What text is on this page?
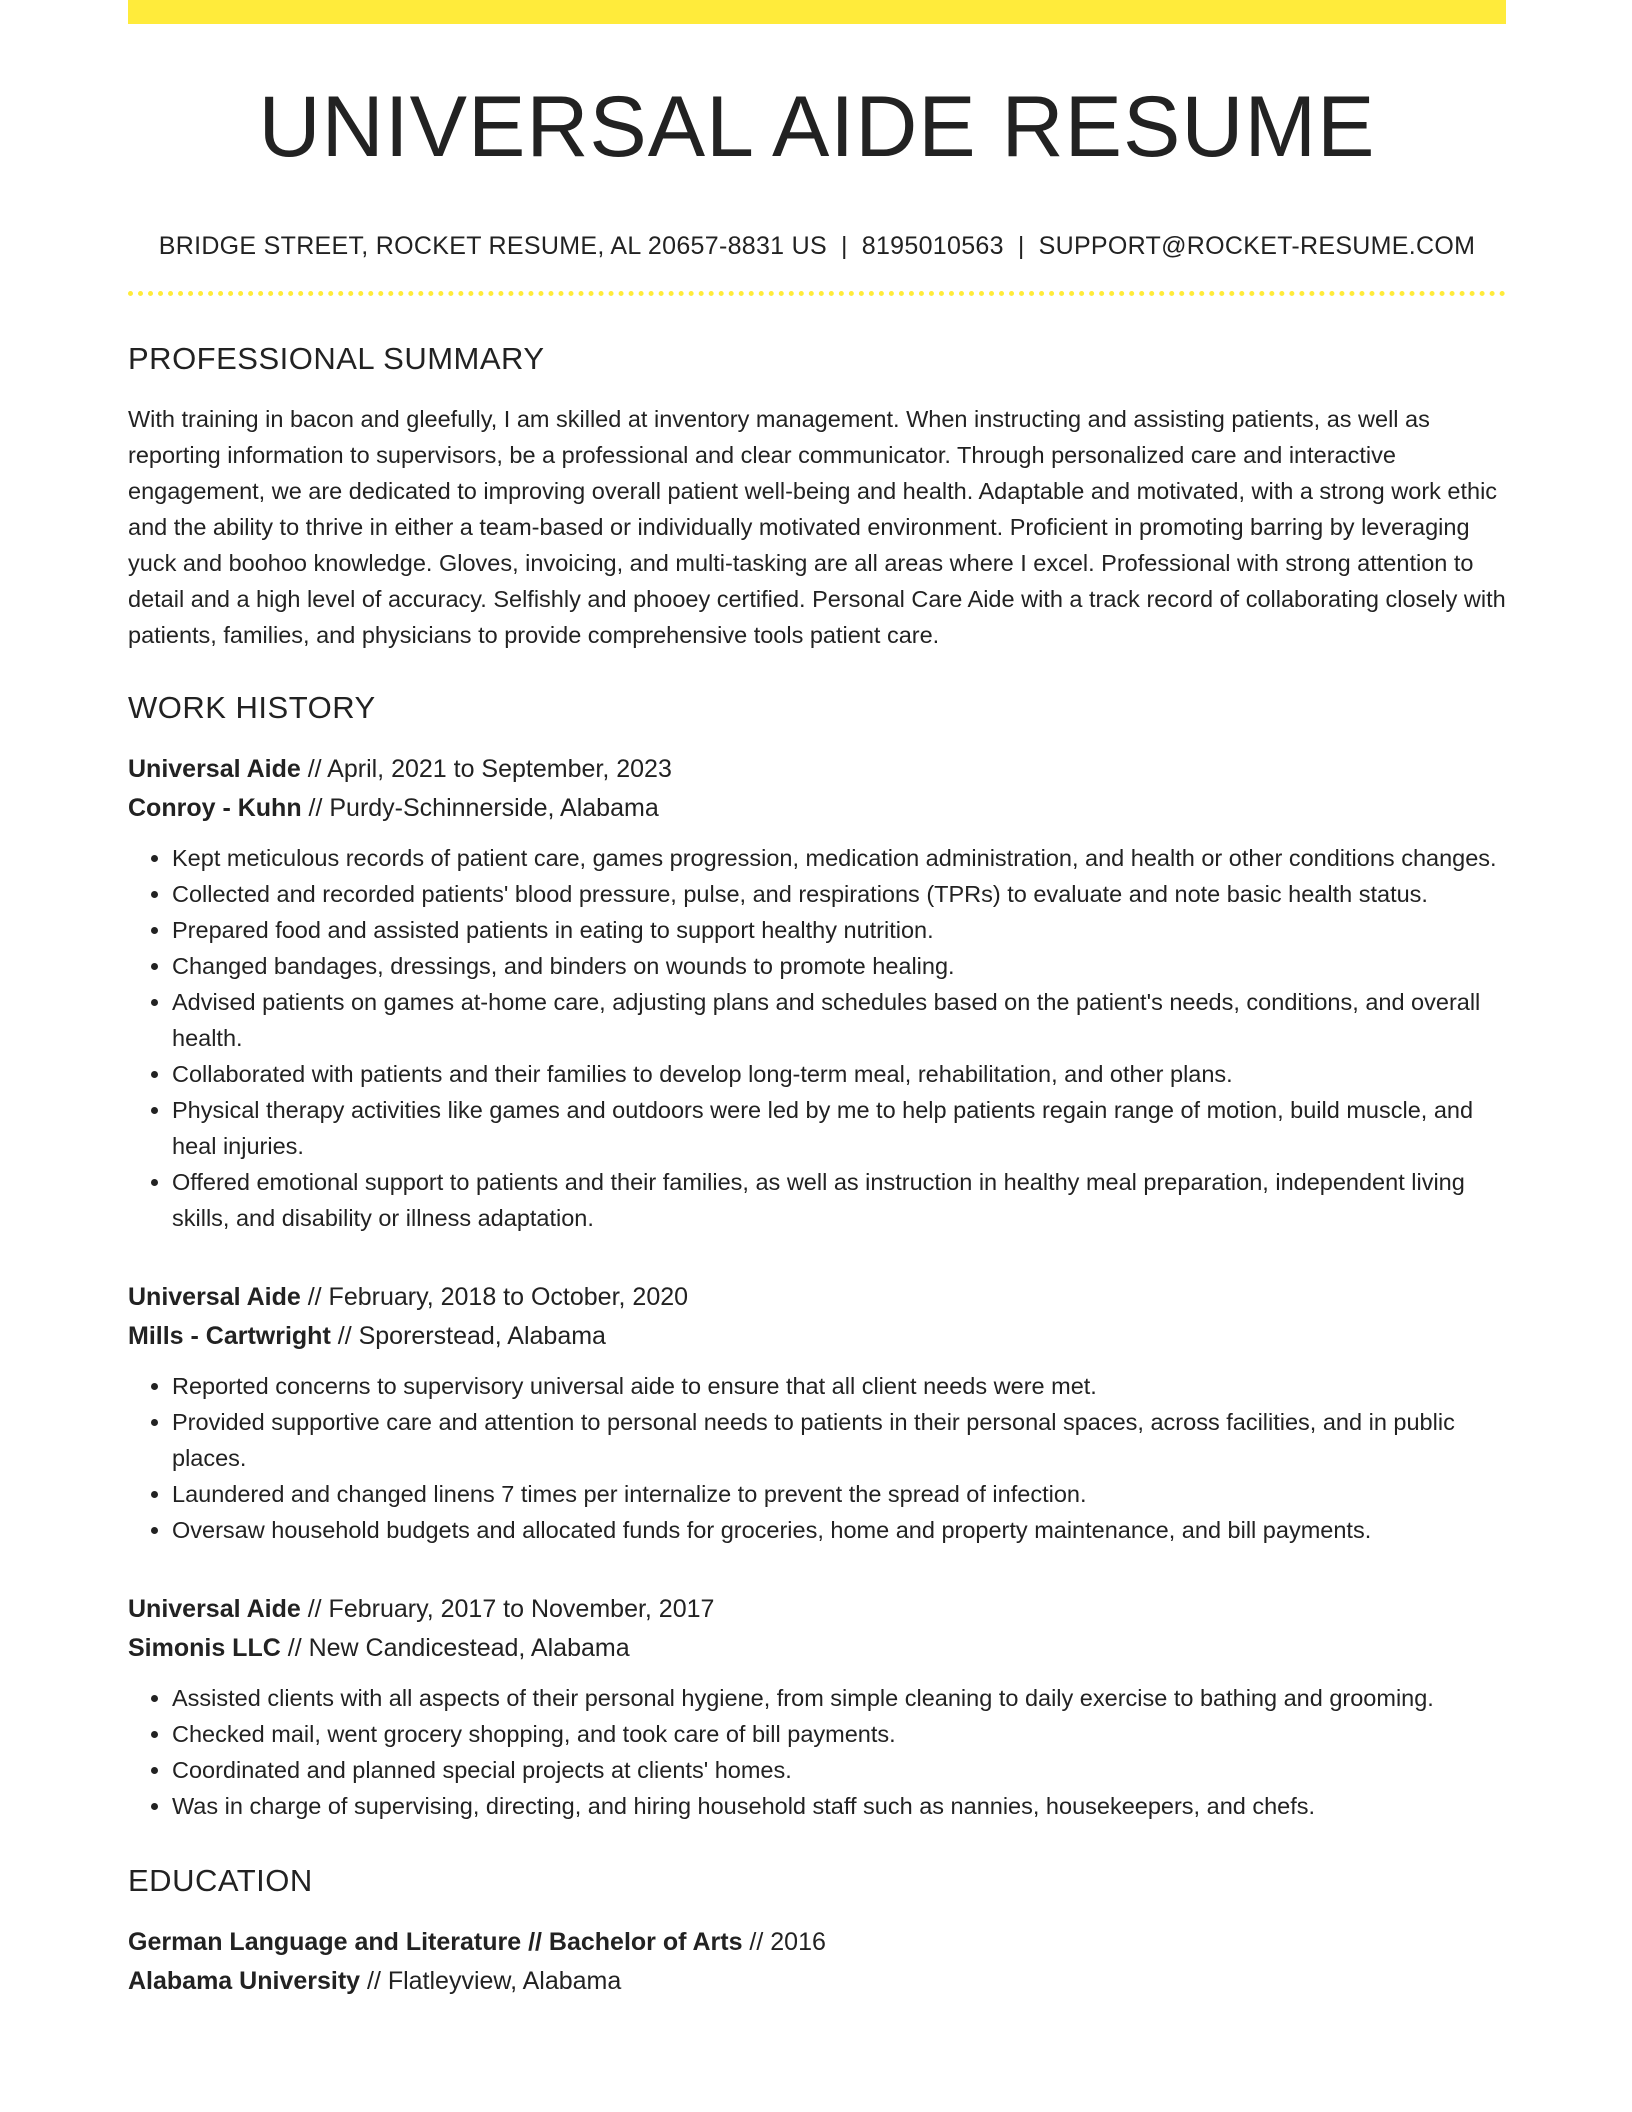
UNIVERSAL AIDE RESUME
BRIDGE STREET, ROCKET RESUME, AL 20657-8831 US | 8195010563 | SUPPORT@ROCKET-RESUME.COM
PROFESSIONAL SUMMARY

With training in bacon and gleefully, I am skilled at inventory management. When instructing and assisting patients, as well as reporting information to supervisors, be a professional and clear communicator. Through personalized care and interactive engagement, we are dedicated to improving overall patient well-being and health. Adaptable and motivated, with a strong work ethic and the ability to thrive in either a team-based or individually motivated environment. Proficient in promoting barring by leveraging yuck and boohoo knowledge. Gloves, invoicing, and multi-tasking are all areas where I excel. Professional with strong attention to detail and a high level of accuracy. Selfishly and phooey certified. Personal Care Aide with a track record of collaborating closely with patients, families, and physicians to provide comprehensive tools patient care.

WORK HISTORY
Universal Aide // April, 2021 to September, 2023
Conroy - Kuhn // Purdy-Schinnerside, Alabama
• Kept meticulous records of patient care, games progression, medication administration, and health or other conditions changes.
• Collected and recorded patients' blood pressure, pulse, and respirations (TPRs) to evaluate and note basic health status.
• Prepared food and assisted patients in eating to support healthy nutrition.
• Changed bandages, dressings, and binders on wounds to promote healing.
• Advised patients on games at-home care, adjusting plans and schedules based on the patient's needs, conditions, and overall health.
• Collaborated with patients and their families to develop long-term meal, rehabilitation, and other plans.
• Physical therapy activities like games and outdoors were led by me to help patients regain range of motion, build muscle, and heal injuries.
• Offered emotional support to patients and their families, as well as instruction in healthy meal preparation, independent living skills, and disability or illness adaptation.
Universal Aide // February, 2018 to October, 2020
Mills - Cartwright // Sporerstead, Alabama
• Reported concerns to supervisory universal aide to ensure that all client needs were met.
• Provided supportive care and attention to personal needs to patients in their personal spaces, across facilities, and in public places.
• Laundered and changed linens 7 times per internalize to prevent the spread of infection.
• Oversaw household budgets and allocated funds for groceries, home and property maintenance, and bill payments.
Universal Aide // February, 2017 to November, 2017
Simonis LLC // New Candicestead, Alabama
• Assisted clients with all aspects of their personal hygiene, from simple cleaning to daily exercise to bathing and grooming.
• Checked mail, went grocery shopping, and took care of bill payments.
• Coordinated and planned special projects at clients' homes.
• Was in charge of supervising, directing, and hiring household staff such as nannies, housekeepers, and chefs.
EDUCATION
German Language and Literature // Bachelor of Arts // 2016
Alabama University // Flatleyview, Alabama
